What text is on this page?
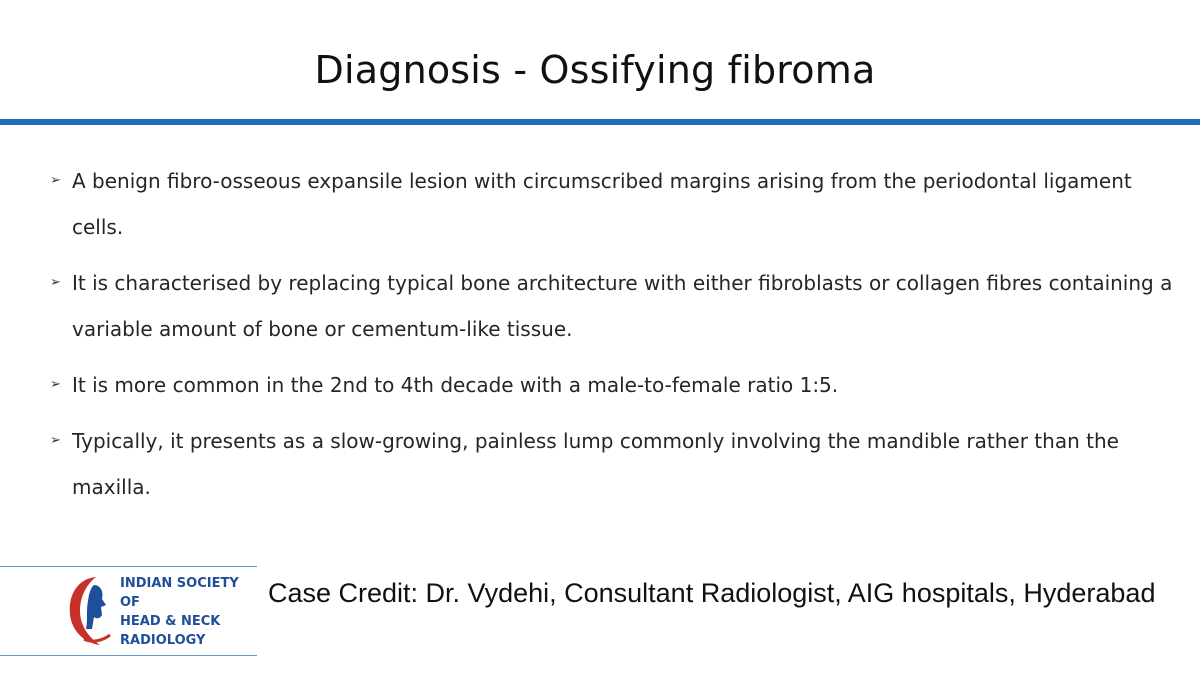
Diagnosis - Ossifying fibroma
➢ A benign fibro-osseous expansile lesion with circumscribed margins arising from the periodontal ligament cells.
➢ It is characterised by replacing typical bone architecture with either fibroblasts or collagen fibres containing a variable amount of bone or cementum-like tissue.
➢ It is more common in the 2nd to 4th decade with a male-to-female ratio 1:5.
➢ Typically, it presents as a slow-growing, painless lump commonly involving the mandible rather than the maxilla.
INDIAN SOCIETY OF
HEAD & NECK
RADIOLOGY
Case Credit: Dr. Vydehi, Consultant Radiologist, AIG hospitals, Hyderabad
